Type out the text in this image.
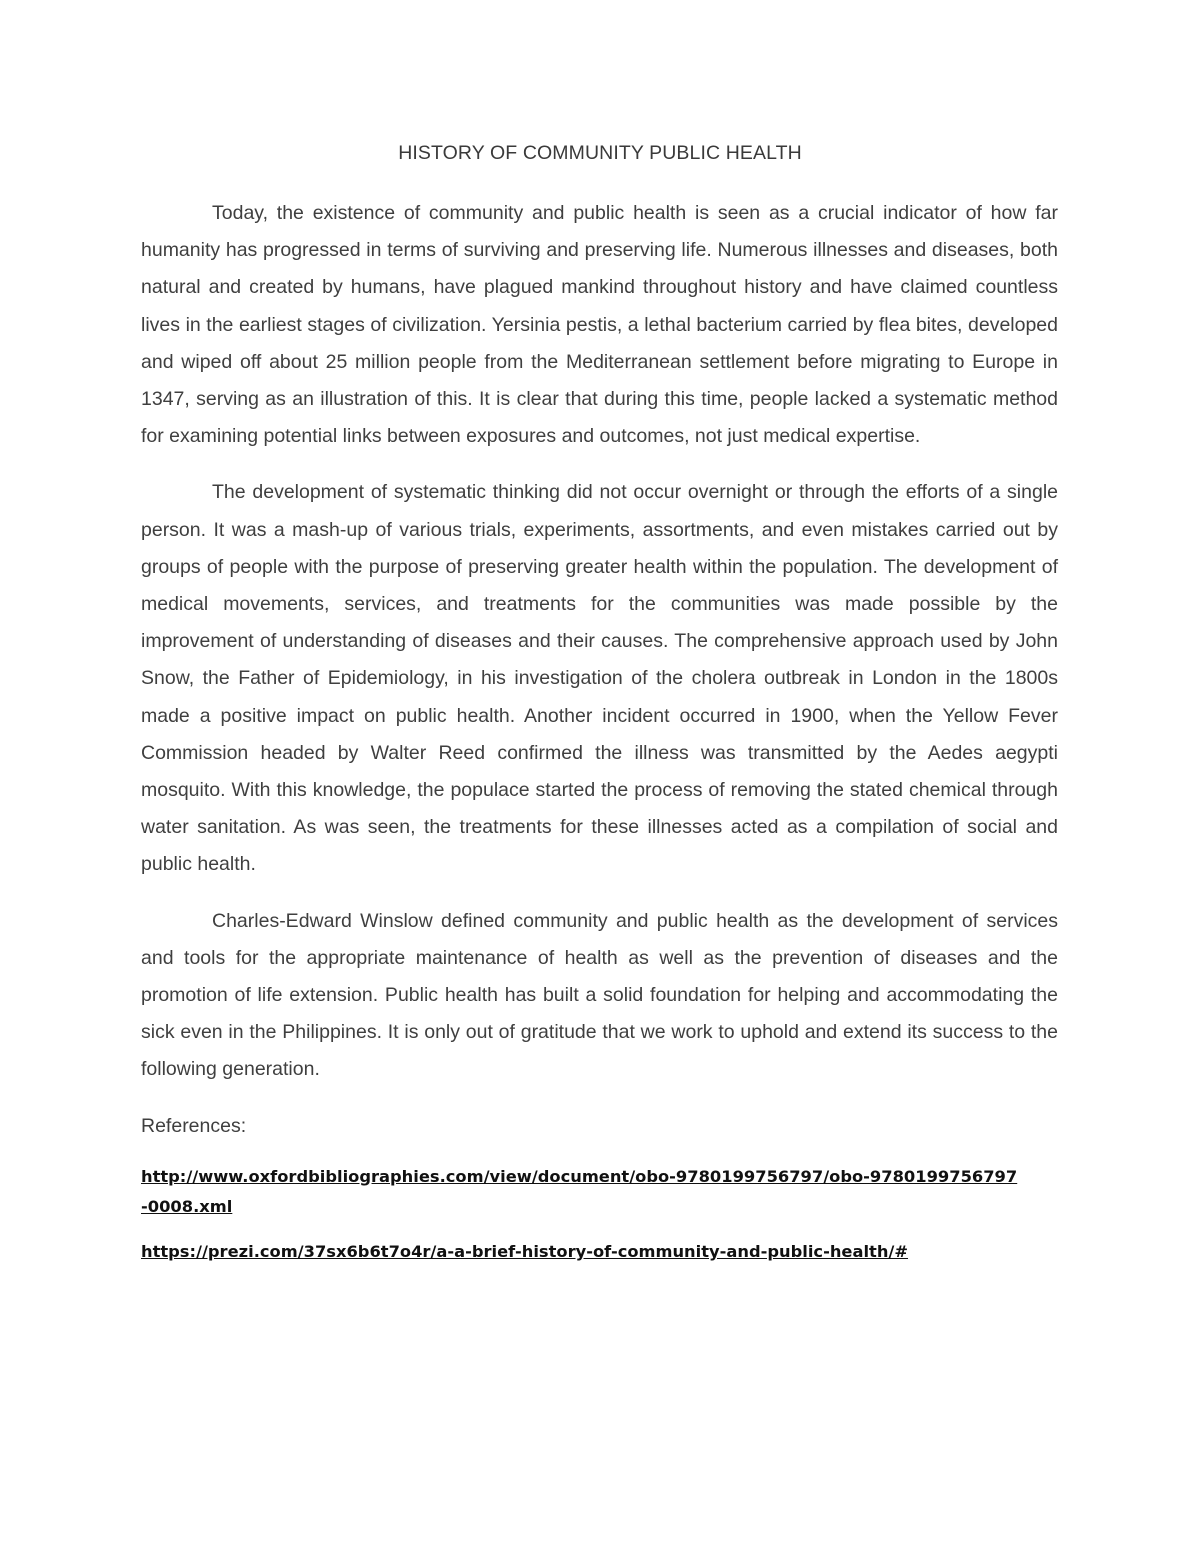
HISTORY OF COMMUNITY PUBLIC HEALTH

Today, the existence of community and public health is seen as a crucial indicator of how far humanity has progressed in terms of surviving and preserving life. Numerous illnesses and diseases, both natural and created by humans, have plagued mankind throughout history and have claimed countless lives in the earliest stages of civilization. Yersinia pestis, a lethal bacterium carried by flea bites, developed and wiped off about 25 million people from the Mediterranean settlement before migrating to Europe in 1347, serving as an illustration of this. It is clear that during this time, people lacked a systematic method for examining potential links between exposures and outcomes, not just medical expertise.

The development of systematic thinking did not occur overnight or through the efforts of a single person. It was a mash-up of various trials, experiments, assortments, and even mistakes carried out by groups of people with the purpose of preserving greater health within the population. The development of medical movements, services, and treatments for the communities was made possible by the improvement of understanding of diseases and their causes. The comprehensive approach used by John Snow, the Father of Epidemiology, in his investigation of the cholera outbreak in London in the 1800s made a positive impact on public health. Another incident occurred in 1900, when the Yellow Fever Commission headed by Walter Reed confirmed the illness was transmitted by the Aedes aegypti mosquito. With this knowledge, the populace started the process of removing the stated chemical through water sanitation. As was seen, the treatments for these illnesses acted as a compilation of social and public health.

Charles-Edward Winslow defined community and public health as the development of services and tools for the appropriate maintenance of health as well as the prevention of diseases and the promotion of life extension. Public health has built a solid foundation for helping and accommodating the sick even in the Philippines. It is only out of gratitude that we work to uphold and extend its success to the following generation.

References:

http://www.oxfordbibliographies.com/view/document/obo-9780199756797/obo-9780199756797-0008.xml
https://prezi.com/37sx6b6t7o4r/a-a-brief-history-of-community-and-public-health/#
